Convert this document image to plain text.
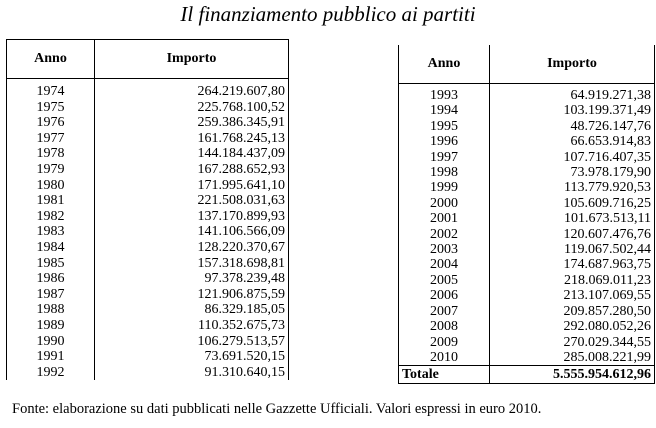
Il finanziamento pubblico ai partiti
Anno	Importo
1974	264.219.607,80
1975	225.768.100,52
1976	259.386.345,91
1977	161.768.245,13
1978	144.184.437,09
1979	167.288.652,93
1980	171.995.641,10
1981	221.508.031,63
1982	137.170.899,93
1983	141.106.566,09
1984	128.220.370,67
1985	157.318.698,81
1986	97.378.239,48
1987	121.906.875,59
1988	86.329.185,05
1989	110.352.675,73
1990	106.279.513,57
1991	73.691.520,15
1992	91.310.640,15
Anno	Importo
1993	64.919.271,38
1994	103.199.371,49
1995	48.726.147,76
1996	66.653.914,83
1997	107.716.407,35
1998	73.978.179,90
1999	113.779.920,53
2000	105.609.716,25
2001	101.673.513,11
2002	120.607.476,76
2003	119.067.502,44
2004	174.687.963,75
2005	218.069.011,23
2006	213.107.069,55
2007	209.857.280,50
2008	292.080.052,26
2009	270.029.344,55
2010	285.008.221,99
Totale	5.555.954.612,96
Fonte: elaborazione su dati pubblicati nelle Gazzette Ufficiali. Valori espressi in euro 2010.
